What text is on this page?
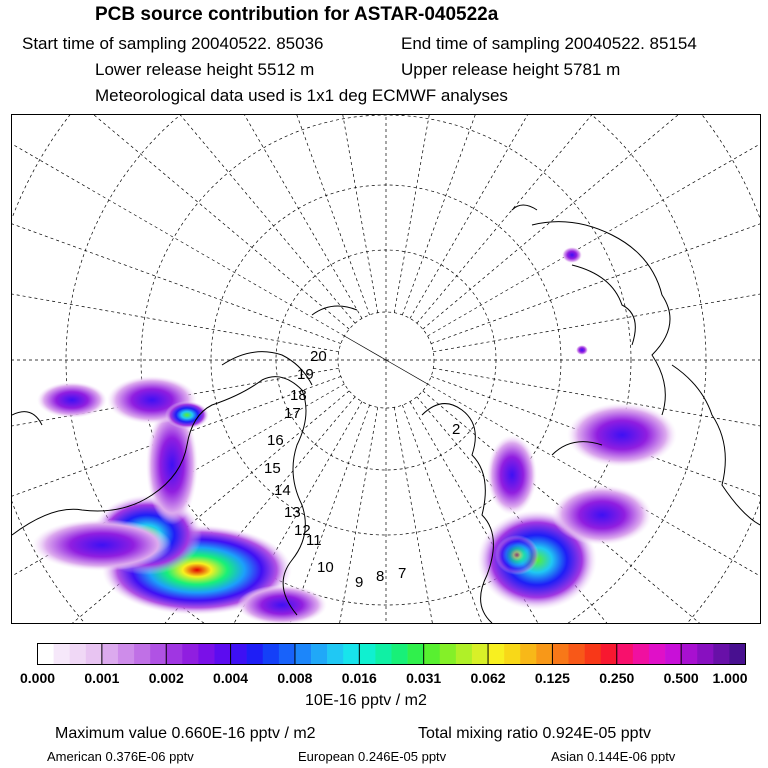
PCB source contribution for ASTAR-040522a
Start time of sampling 20040522. 85036	End time of sampling 20040522. 85154
Lower release height 5512 m	Upper release height 5781 m
Meteorological data used is 1x1 deg ECMWF analyses
20
19
18
17
16
15
14
13
12
11
10
9 8 7
2
0.000 0.001 0.002 0.004 0.008 0.016 0.031 0.062 0.125 0.250 0.500 1.000
10E-16 pptv / m2
Maximum value 0.660E-16 pptv / m2	Total mixing ratio 0.924E-05 pptv
American 0.376E-06 pptv	European 0.246E-05 pptv	Asian 0.144E-06 pptv
